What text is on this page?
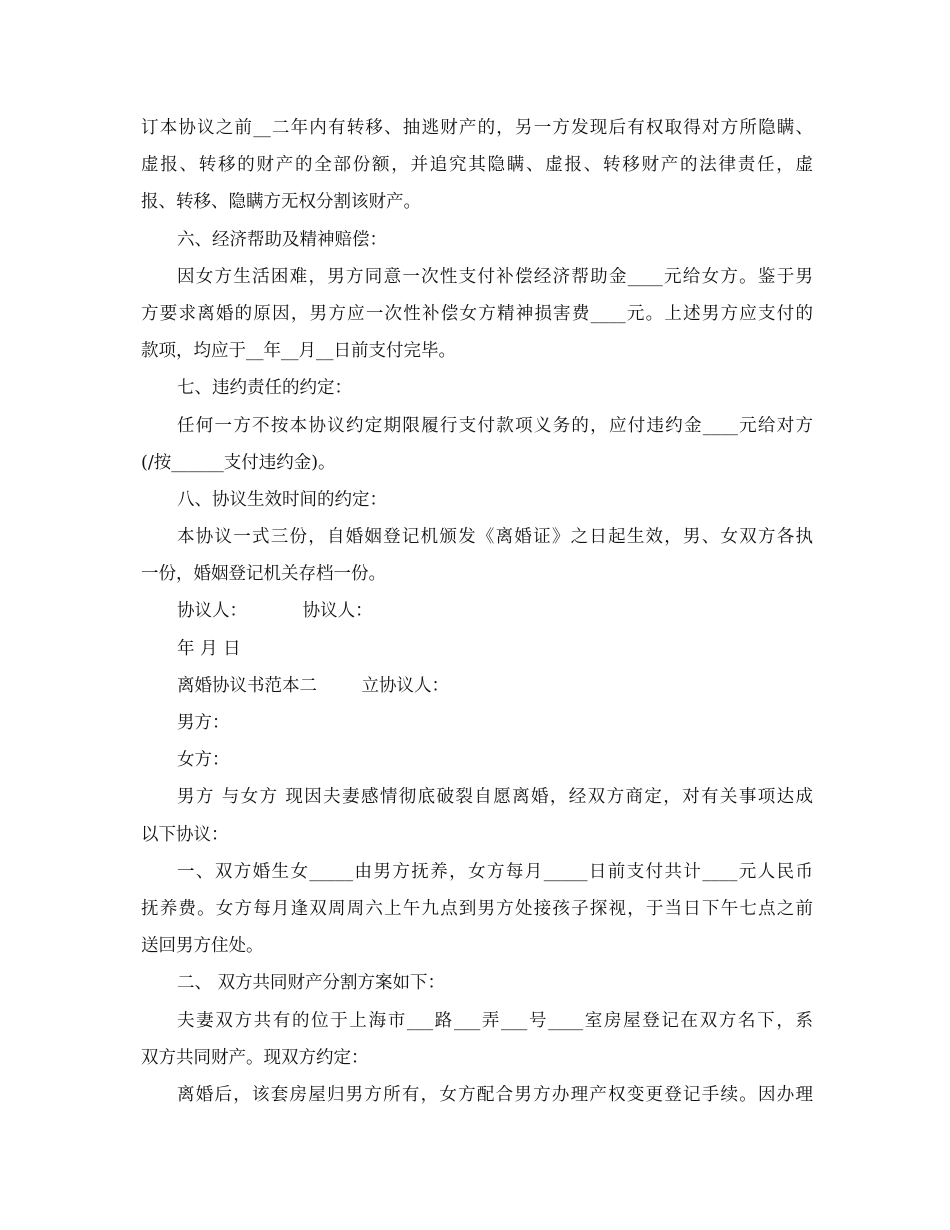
订本协议之前__二年内有转移、抽逃财产的，另一方发现后有权取得对方所隐瞒、
虚报、转移的财产的全部份额，并追究其隐瞒、虚报、转移财产的法律责任，虚
报、转移、隐瞒方无权分割该财产。
六、经济帮助及精神赔偿：
因女方生活困难，男方同意一次性支付补偿经济帮助金____元给女方。鉴于男
方要求离婚的原因，男方应一次性补偿女方精神损害费____元。上述男方应支付的
款项，均应于__年__月__日前支付完毕。
七、违约责任的约定：
任何一方不按本协议约定期限履行支付款项义务的，应付违约金____元给对方
(/按______支付违约金)。
八、协议生效时间的约定：
本协议一式三份，自婚姻登记机颁发《离婚证》之日起生效，男、女双方各执
一份，婚姻登记机关存档一份。
协议人：          协议人：
年 月 日
离婚协议书范本二        立协议人：
男方：
女方：
男方 与女方 现因夫妻感情彻底破裂自愿离婚，经双方商定，对有关事项达成
以下协议：
一、双方婚生女_____由男方抚养，女方每月_____日前支付共计____元人民币
抚养费。女方每月逢双周周六上午九点到男方处接孩子探视，于当日下午七点之前
送回男方住处。
二、 双方共同财产分割方案如下：
夫妻双方共有的位于上海市___路___弄___号____室房屋登记在双方名下，系
双方共同财产。现双方约定：
离婚后，该套房屋归男方所有，女方配合男方办理产权变更登记手续。因办理
